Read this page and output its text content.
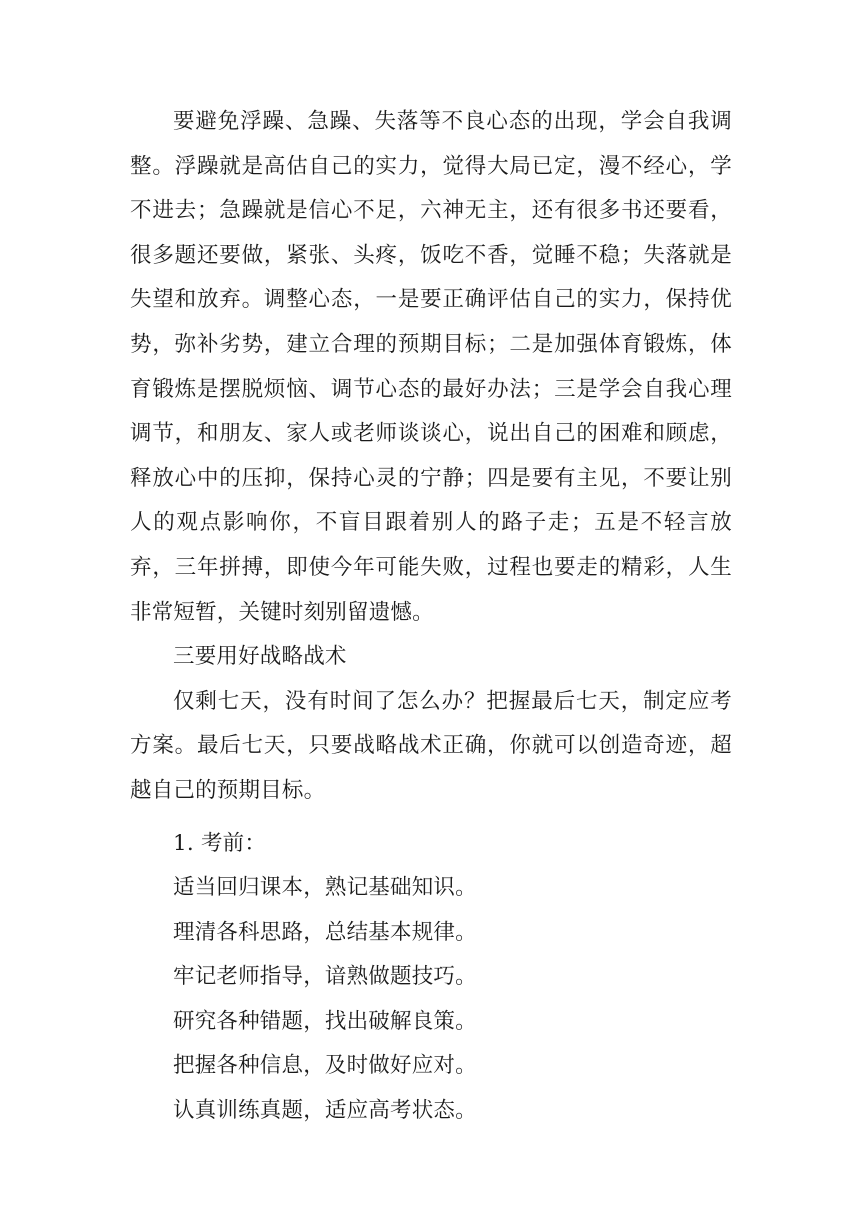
要避免浮躁、急躁、失落等不良心态的出现，学会自我调整。浮躁就是高估自己的实力，觉得大局已定，漫不经心，学不进去；急躁就是信心不足，六神无主，还有很多书还要看，很多题还要做，紧张、头疼，饭吃不香，觉睡不稳；失落就是失望和放弃。调整心态，一是要正确评估自己的实力，保持优势，弥补劣势，建立合理的预期目标；二是加强体育锻炼，体育锻炼是摆脱烦恼、调节心态的最好办法；三是学会自我心理调节，和朋友、家人或老师谈谈心，说出自己的困难和顾虑，释放心中的压抑，保持心灵的宁静；四是要有主见，不要让别人的观点影响你，不盲目跟着别人的路子走；五是不轻言放弃，三年拼搏，即使今年可能失败，过程也要走的精彩，人生非常短暂，关键时刻别留遗憾。

三要用好战略战术

仅剩七天，没有时间了怎么办？把握最后七天，制定应考方案。最后七天，只要战略战术正确，你就可以创造奇迹，超越自己的预期目标。

1. 考前：

适当回归课本，熟记基础知识。

理清各科思路，总结基本规律。

牢记老师指导，谙熟做题技巧。

研究各种错题，找出破解良策。

把握各种信息，及时做好应对。

认真训练真题，适应高考状态。
